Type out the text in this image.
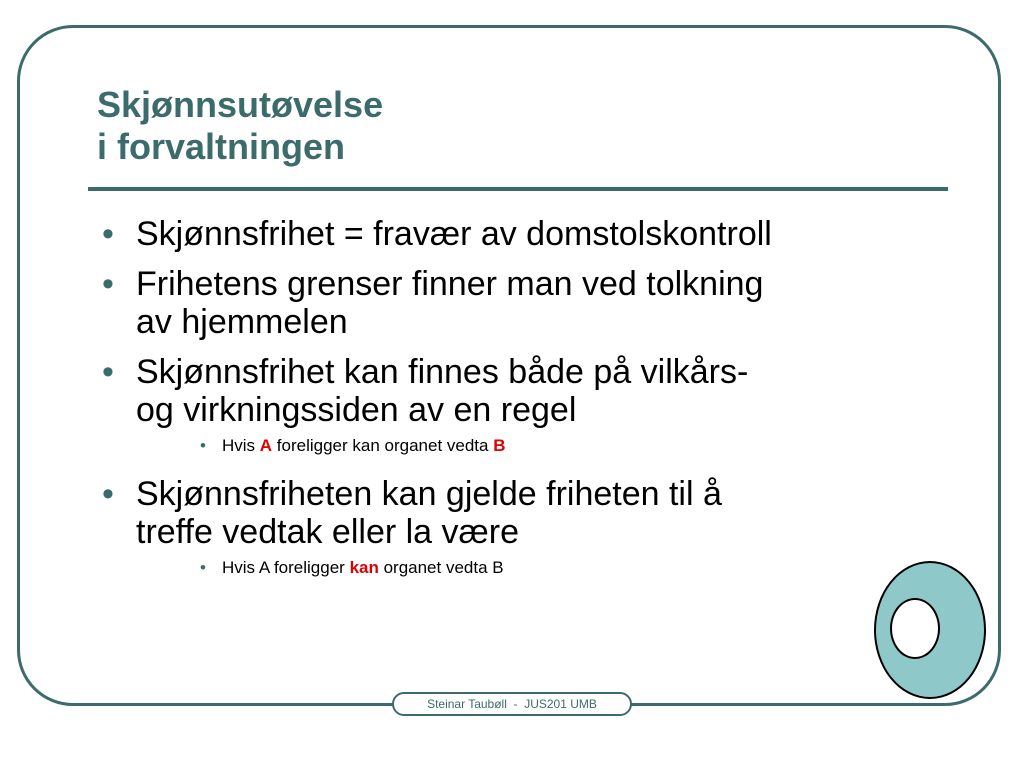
Skjønnsutøvelse
i forvaltningen
• Skjønnsfrihet = fravær av domstolskontroll
• Frihetens grenser finner man ved tolkning
av hjemmelen
• Skjønnsfrihet kan finnes både på vilkårs-
og virkningssiden av en regel
• Hvis A foreligger kan organet vedta B
• Skjønnsfriheten kan gjelde friheten til å
treffe vedtak eller la være
• Hvis A foreligger kan organet vedta B
Steinar Taubøll  -  JUS201 UMB
